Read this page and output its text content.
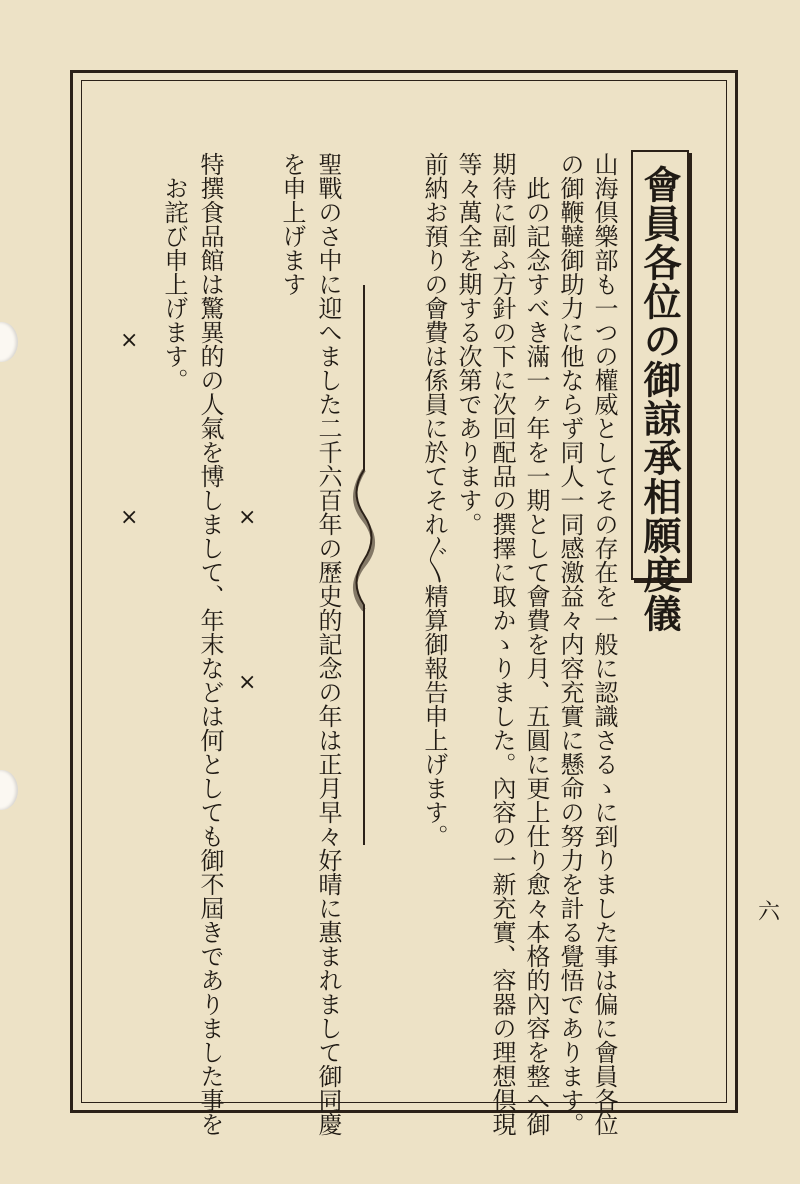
會員各位の御諒承相願度儀
山海倶樂部も一つの權威としてその存在を一般に認識さるゝに到りました事は偏に會員各位
の御鞭韃御助力に他ならず同人一同感激益々内容充實に懸命の努力を計る覺悟であります。
此の記念すべき滿一ヶ年を一期として會費を月、五圓に更上仕り愈々本格的內容を整へ御
期待に副ふ方針の下に次回配品の撰擇に取かゝりました。內容の一新充實、容器の理想倶現
等々萬全を期する次第であります。
前納お預りの會費は係員に於てそれ〴〵精算御報告申上げます。
聖戰のさ中に迎へました二千六百年の歷史的記念の年は正月早々好晴に惠まれまして御同慶
を申上げます
×
×
特撰食品館は驚異的の人氣を博しまして、年末などは何としても御不屆きでありました事を
お詫び申上げます。
×
×
六
